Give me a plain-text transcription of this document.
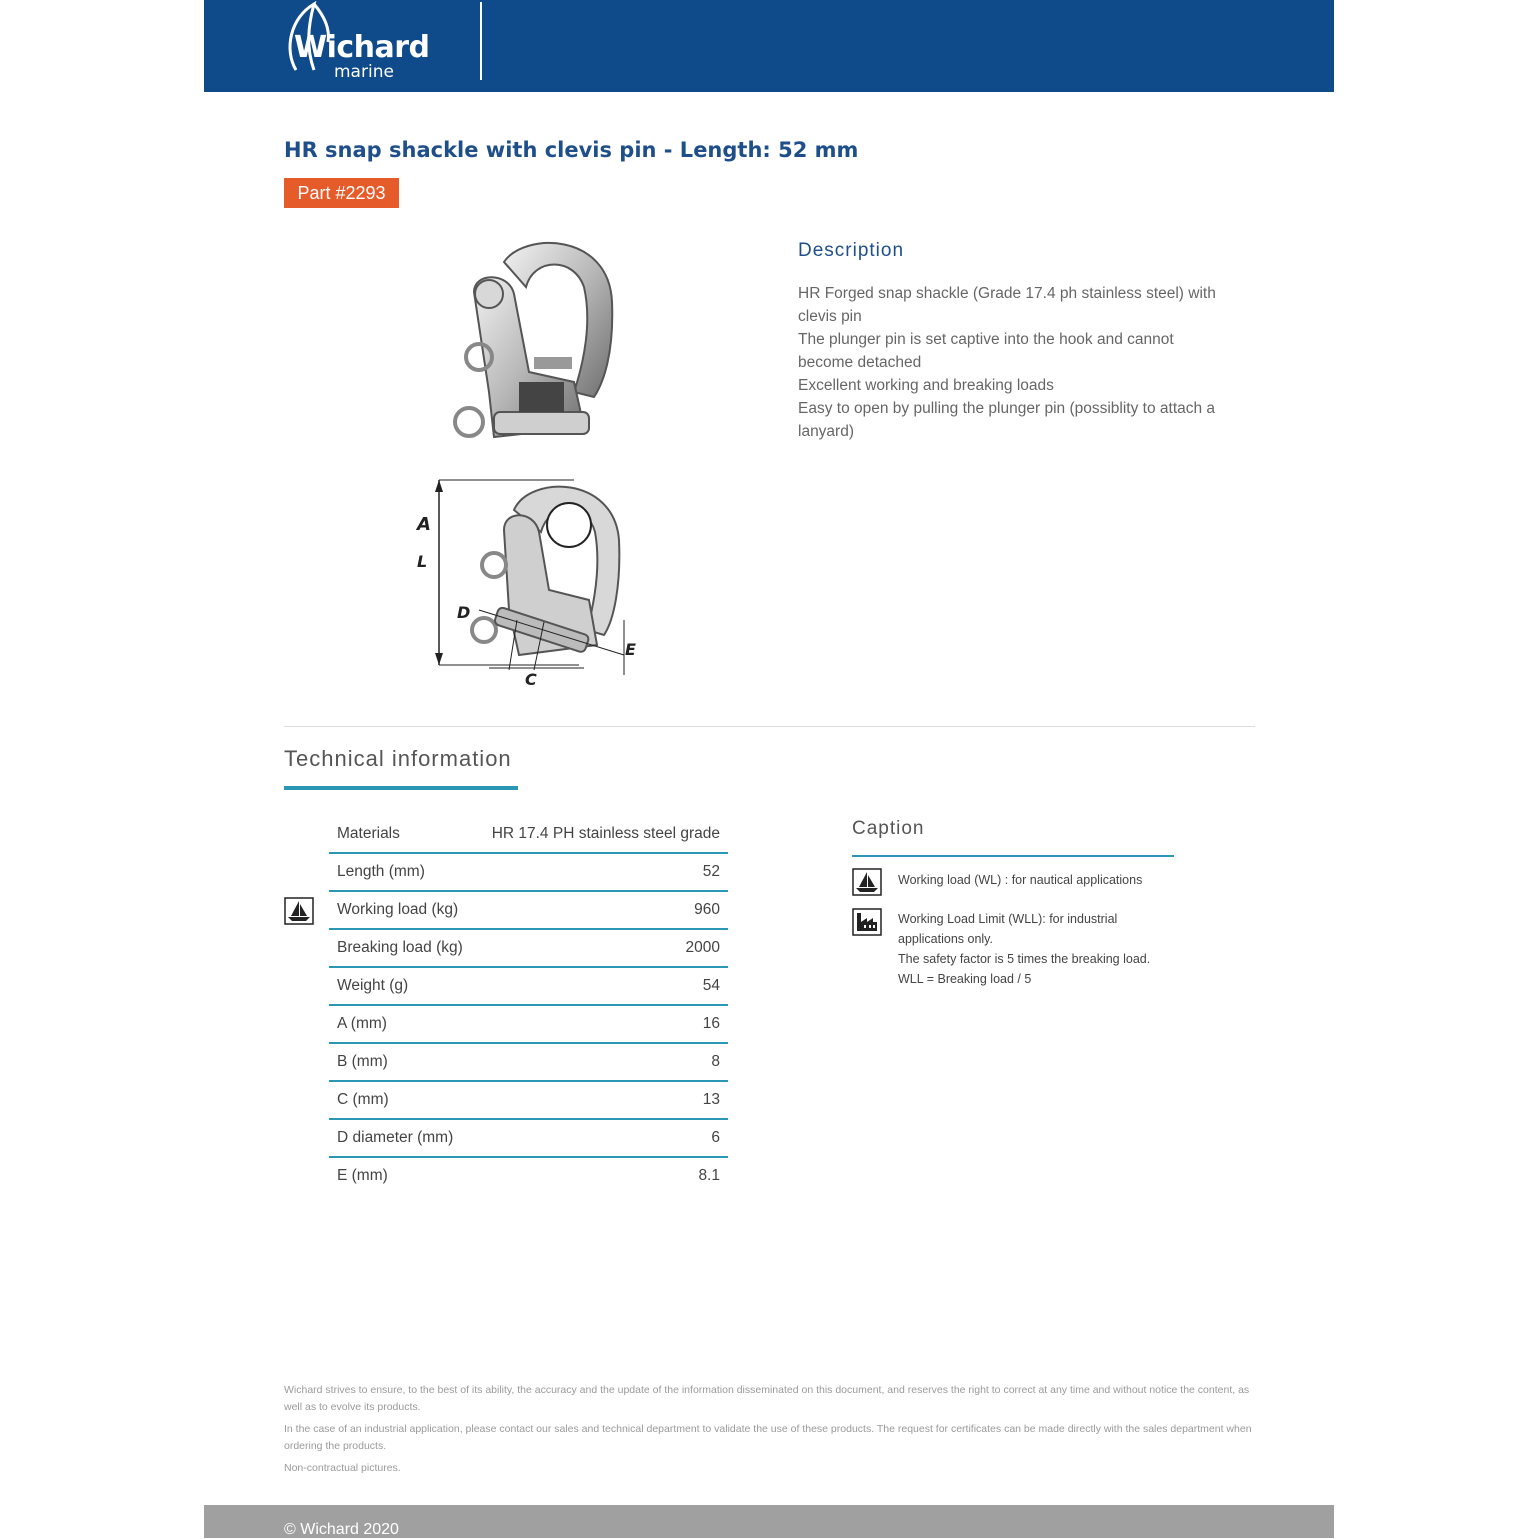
Wichard
marine
HR snap shackle with clevis pin - Length: 52 mm
Part #2293
A
L
D
E
C
Description
HR Forged snap shackle (Grade 17.4 ph stainless steel) with
clevis pin
The plunger pin is set captive into the hook and cannot
become detached
Excellent working and breaking loads
Easy to open by pulling the plunger pin (possiblity to attach a
lanyard)
Technical information
Materials	HR 17.4 PH stainless steel grade
Length (mm)	52
Working load (kg)	960
Breaking load (kg)	2000
Weight (g)	54
A (mm)	16
B (mm)	8
C (mm)	13
D diameter (mm)	6
E (mm)	8.1
Caption
Working load (WL) : for nautical applications
Working Load Limit (WLL): for industrial
applications only.
The safety factor is 5 times the breaking load.
WLL = Breaking load / 5

Wichard strives to ensure, to the best of its ability, the accuracy and the update of the information disseminated on this document, and reserves the right to correct at any time and without notice the content, as well as to evolve its products.

In the case of an industrial application, please contact our sales and technical department to validate the use of these products. The request for certificates can be made directly with the sales department when ordering the products.

Non-contractual pictures.

© Wichard 2020
